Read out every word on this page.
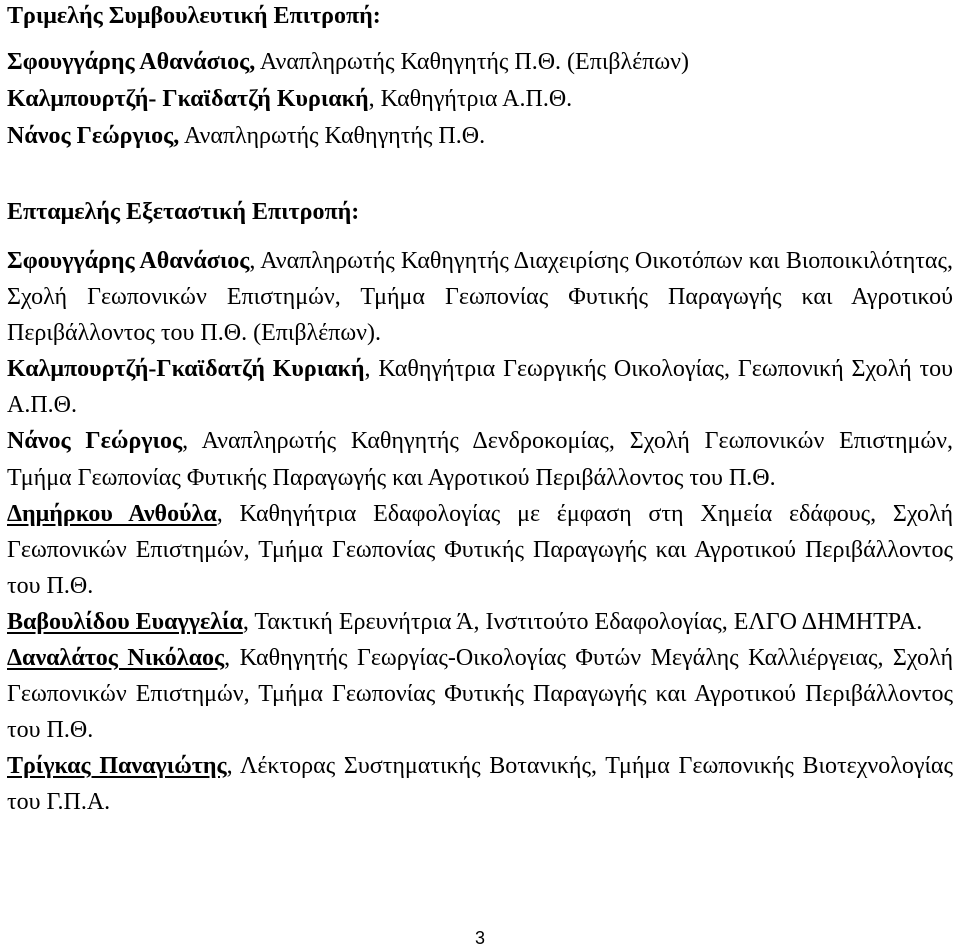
Τριμελής Συμβουλευτική Επιτροπή:
Σφουγγάρης Αθανάσιος, Αναπληρωτής Καθηγητής Π.Θ. (Επιβλέπων)
Καλμπουρτζή- Γκαϊδατζή Κυριακή, Καθηγήτρια Α.Π.Θ.
Νάνος Γεώργιος, Αναπληρωτής Καθηγητής Π.Θ.
Επταμελής Εξεταστική Επιτροπή:

Σφουγγάρης Αθανάσιος, Αναπληρωτής Καθηγητής Διαχειρίσης Οικοτόπων και Βιοποικιλότητας, Σχολή Γεωπονικών Επιστημών, Τμήμα Γεωπονίας Φυτικής Παραγωγής και Αγροτικού Περιβάλλοντος του Π.Θ. (Επιβλέπων).

Καλμπουρτζή-Γκαϊδατζή Κυριακή, Καθηγήτρια Γεωργικής Οικολογίας, Γεωπονική Σχολή του Α.Π.Θ.

Νάνος Γεώργιος, Αναπληρωτής Καθηγητής Δενδροκομίας, Σχολή Γεωπονικών Επιστημών, Τμήμα Γεωπονίας Φυτικής Παραγωγής και Αγροτικού Περιβάλλοντος του Π.Θ.

Δημήρκου Ανθούλα, Καθηγήτρια Εδαφολογίας με έμφαση στη Χημεία εδάφους, Σχολή Γεωπονικών Επιστημών, Τμήμα Γεωπονίας Φυτικής Παραγωγής και Αγροτικού Περιβάλλοντος του Π.Θ.

Βαβουλίδου Ευαγγελία, Τακτική Ερευνήτρια Ά, Ινστιτούτο Εδαφολογίας, ΕΛΓΟ ΔΗΜΗΤΡΑ.

Δαναλάτος Νικόλαος, Καθηγητής Γεωργίας-Οικολογίας Φυτών Μεγάλης Καλλιέργειας, Σχολή Γεωπονικών Επιστημών, Τμήμα Γεωπονίας Φυτικής Παραγωγής και Αγροτικού Περιβάλλοντος του Π.Θ.

Τρίγκας Παναγιώτης, Λέκτορας Συστηματικής Βοτανικής, Τμήμα Γεωπονικής Βιοτεχνολογίας του Γ.Π.Α.

3
